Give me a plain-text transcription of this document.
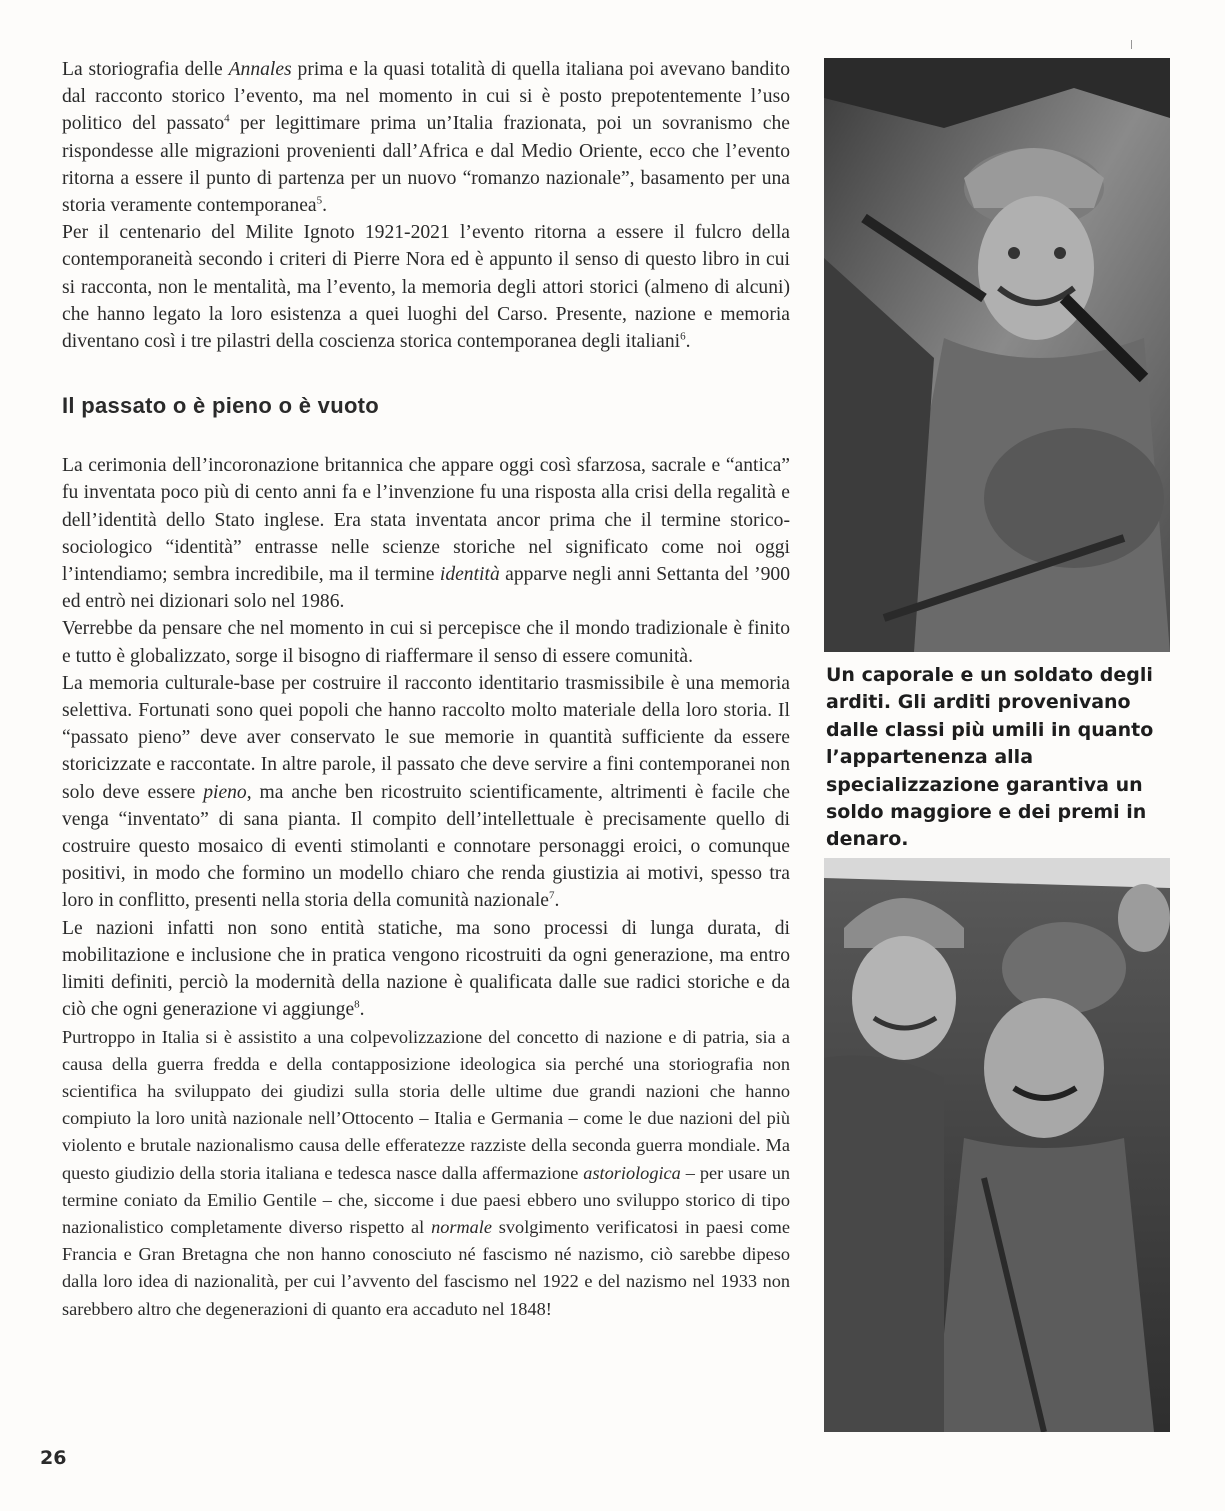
La storiografia delle Annales prima e la quasi totalità di quella italiana poi avevano bandito dal racconto storico l’evento, ma nel momento in cui si è posto prepotentemente l’uso politico del passato$^4$ per legittimare prima un’Italia frazionata, poi un sovranismo che rispondesse alle migrazioni provenienti dall’Africa e dal Medio Oriente, ecco che l’evento ritorna a essere il punto di partenza per un nuovo “romanzo nazionale”, basamento per una storia veramente contemporanea$^5$.

Per il centenario del Milite Ignoto 1921-2021 l’evento ritorna a essere il fulcro della contemporaneità secondo i criteri di Pierre Nora ed è appunto il senso di questo libro in cui si racconta, non le mentalità, ma l’evento, la memoria degli attori storici (almeno di alcuni) che hanno legato la loro esistenza a quei luoghi del Carso. Presente, nazione e memoria diventano così i tre pilastri della coscienza storica contemporanea degli italiani$^6$.

Il passato o è pieno o è vuoto

La cerimonia dell’incoronazione britannica che appare oggi così sfarzosa, sacrale e “antica” fu inventata poco più di cento anni fa e l’invenzione fu una risposta alla crisi della regalità e dell’identità dello Stato inglese. Era stata inventata ancor prima che il termine storico-sociologico “identità” entrasse nelle scienze storiche nel significato come noi oggi l’intendiamo; sembra incredibile, ma il termine identità apparve negli anni Settanta del ’900 ed entrò nei dizionari solo nel 1986.

Verrebbe da pensare che nel momento in cui si percepisce che il mondo tradizionale è finito e tutto è globalizzato, sorge il bisogno di riaffermare il senso di essere comunità.

La memoria culturale-base per costruire il racconto identitario trasmissibile è una memoria selettiva. Fortunati sono quei popoli che hanno raccolto molto materiale della loro storia. Il “passato pieno” deve aver conservato le sue memorie in quantità sufficiente da essere storicizzate e raccontate. In altre parole, il passato che deve servire a fini contemporanei non solo deve essere pieno, ma anche ben ricostruito scientificamente, altrimenti è facile che venga “inventato” di sana pianta. Il compito dell’intellettuale è precisamente quello di costruire questo mosaico di eventi stimolanti e connotare personaggi eroici, o comunque positivi, in modo che formino un modello chiaro che renda giustizia ai motivi, spesso tra loro in conflitto, presenti nella storia della comunità nazionale$^7$.

Le nazioni infatti non sono entità statiche, ma sono processi di lunga durata, di mobilitazione e inclusione che in pratica vengono ricostruiti da ogni generazione, ma entro limiti definiti, perciò la modernità della nazione è qualificata dalle sue radici storiche e da ciò che ogni generazione vi aggiunge$^8$.

Purtroppo in Italia si è assistito a una colpevolizzazione del concetto di nazione e di patria, sia a causa della guerra fredda e della contapposizione ideologica sia perché una storiografia non scientifica ha sviluppato dei giudizi sulla storia delle ultime due grandi nazioni che hanno compiuto la loro unità nazionale nell’Ottocento – Italia e Germania – come le due nazioni del più violento e brutale nazionalismo causa delle efferatezze razziste della seconda guerra mondiale. Ma questo giudizio della storia italiana e tedesca nasce dalla affermazione astoriologica – per usare un termine coniato da Emilio Gentile – che, siccome i due paesi ebbero uno sviluppo storico di tipo nazionalistico completamente diverso rispetto al normale svolgimento verificatosi in paesi come Francia e Gran Bretagna che non hanno conosciuto né fascismo né nazismo, ciò sarebbe dipeso dalla loro idea di nazionalità, per cui l’avvento del fascismo nel 1922 e del nazismo nel 1933 non sarebbero altro che degenerazioni di quanto era accaduto nel 1848!

Un caporale e un soldato degli arditi. Gli arditi provenivano dalle classi più umili in quanto l’appartenenza alla specializzazione garantiva un soldo maggiore e dei premi in denaro.
26
|
